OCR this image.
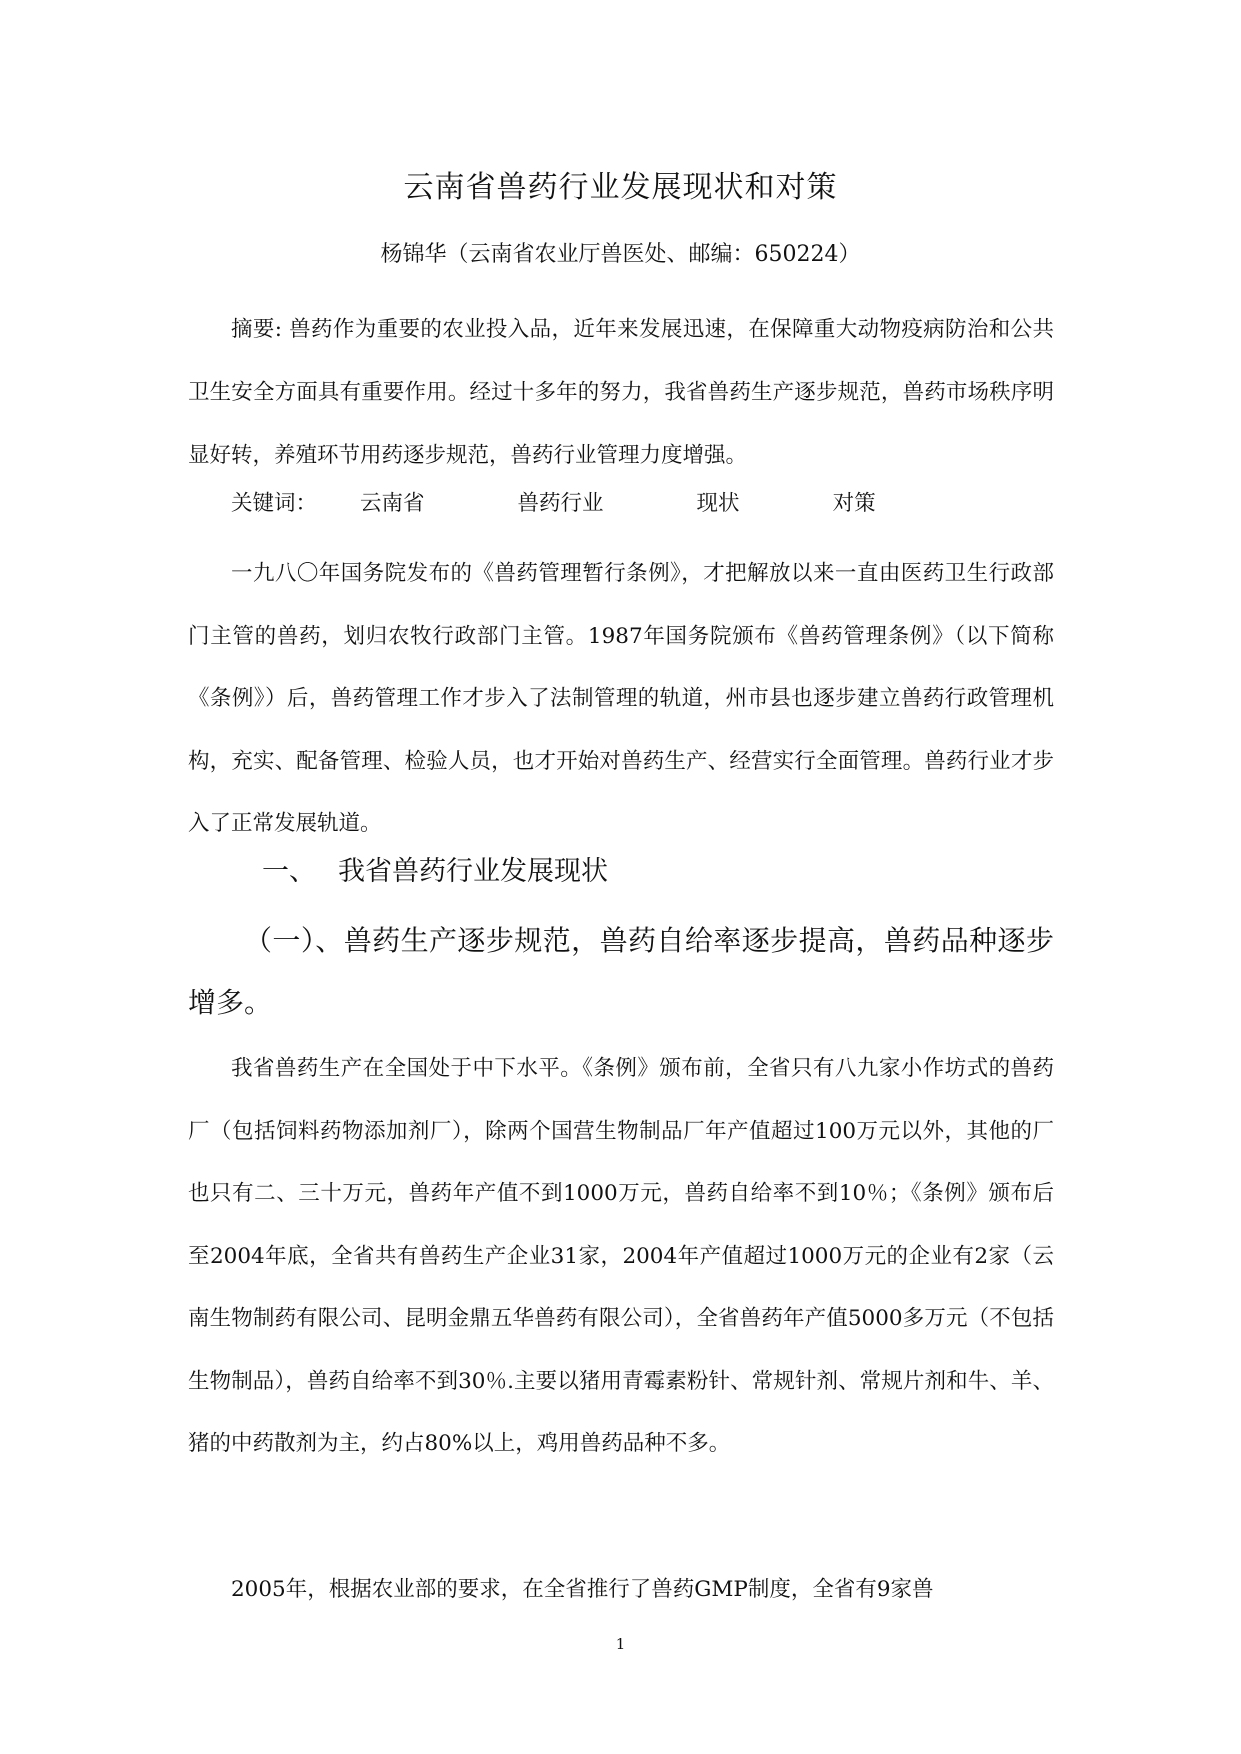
云南省兽药行业发展现状和对策
杨锦华（云南省农业厅兽医处、邮编：650224）

摘要: 兽药作为重要的农业投入品，近年来发展迅速，在保障重大动物疫病防治和公共卫生安全方面具有重要作用。经过十多年的努力，我省兽药生产逐步规范，兽药市场秩序明显好转，养殖环节用药逐步规范，兽药行业管理力度增强。

关键词： 云南省	兽药行业	现状	对策

一九八〇年国务院发布的《兽药管理暂行条例》，才把解放以来一直由医药卫生行政部门主管的兽药，划归农牧行政部门主管。1987年国务院颁布《兽药管理条例》（以下简称《条例》）后，兽药管理工作才步入了法制管理的轨道，州市县也逐步建立兽药行政管理机构，充实、配备管理、检验人员，也才开始对兽药生产、经营实行全面管理。兽药行业才步入了正常发展轨道。

一、 我省兽药行业发展现状

（一）、兽药生产逐步规范，兽药自给率逐步提高，兽药品种逐步增多。

我省兽药生产在全国处于中下水平。《条例》颁布前，全省只有八九家小作坊式的兽药厂（包括饲料药物添加剂厂），除两个国营生物制品厂年产值超过100万元以外，其他的厂也只有二、三十万元，兽药年产值不到1000万元，兽药自给率不到10％；《条例》颁布后至2004年底，全省共有兽药生产企业31家，2004年产值超过1000万元的企业有2家（云南生物制药有限公司、昆明金鼎五华兽药有限公司），全省兽药年产值5000多万元（不包括生物制品），兽药自给率不到30％.主要以猪用青霉素粉针、常规针剂、常规片剂和牛、羊、猪的中药散剂为主，约占80%以上，鸡用兽药品种不多。

2005年，根据农业部的要求，在全省推行了兽药GMP制度，全省有9家兽

1
